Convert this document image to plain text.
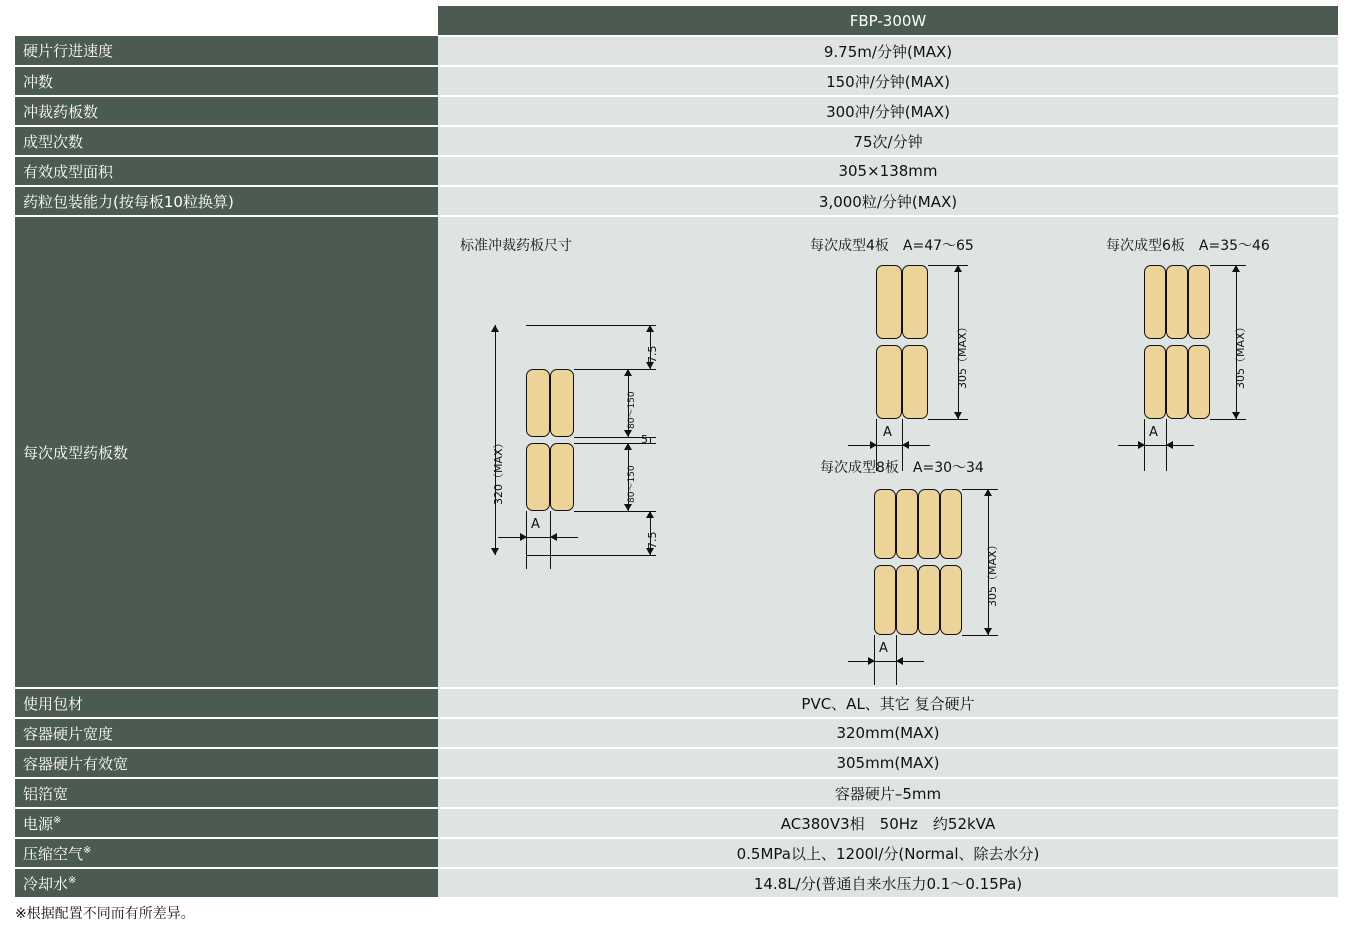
	FBP-300W
硬片行进速度	9.75m/分钟(MAX)
冲数	150冲/分钟(MAX)
冲裁药板数	300冲/分钟(MAX)
成型次数	75次/分钟
有效成型面积	305×138mm
药粒包装能力(按每板10粒换算)	3,000粒/分钟(MAX)
每次成型药板数	
标准冲裁药板尺寸
320（MAX）
7.5
80～150
5
80～150
7.5
A
每次成型4板　A=47～65
305（MAX）
A
每次成型6板　A=35～46
305（MAX）
A
每次成型8板　A=30～34
305（MAX）
A

使用包材	PVC、AL、其它 复合硬片
容器硬片宽度	320mm(MAX)
容器硬片有效宽	305mm(MAX)
铝箔宽	容器硬片–5mm
电源※	AC380V3相　50Hz　约52kVA
压缩空气※	0.5MPa以上、1200l/分(Normal、除去水分)
冷却水※	14.8L/分(普通自来水压力0.1～0.15Pa)
※根据配置不同而有所差异。
